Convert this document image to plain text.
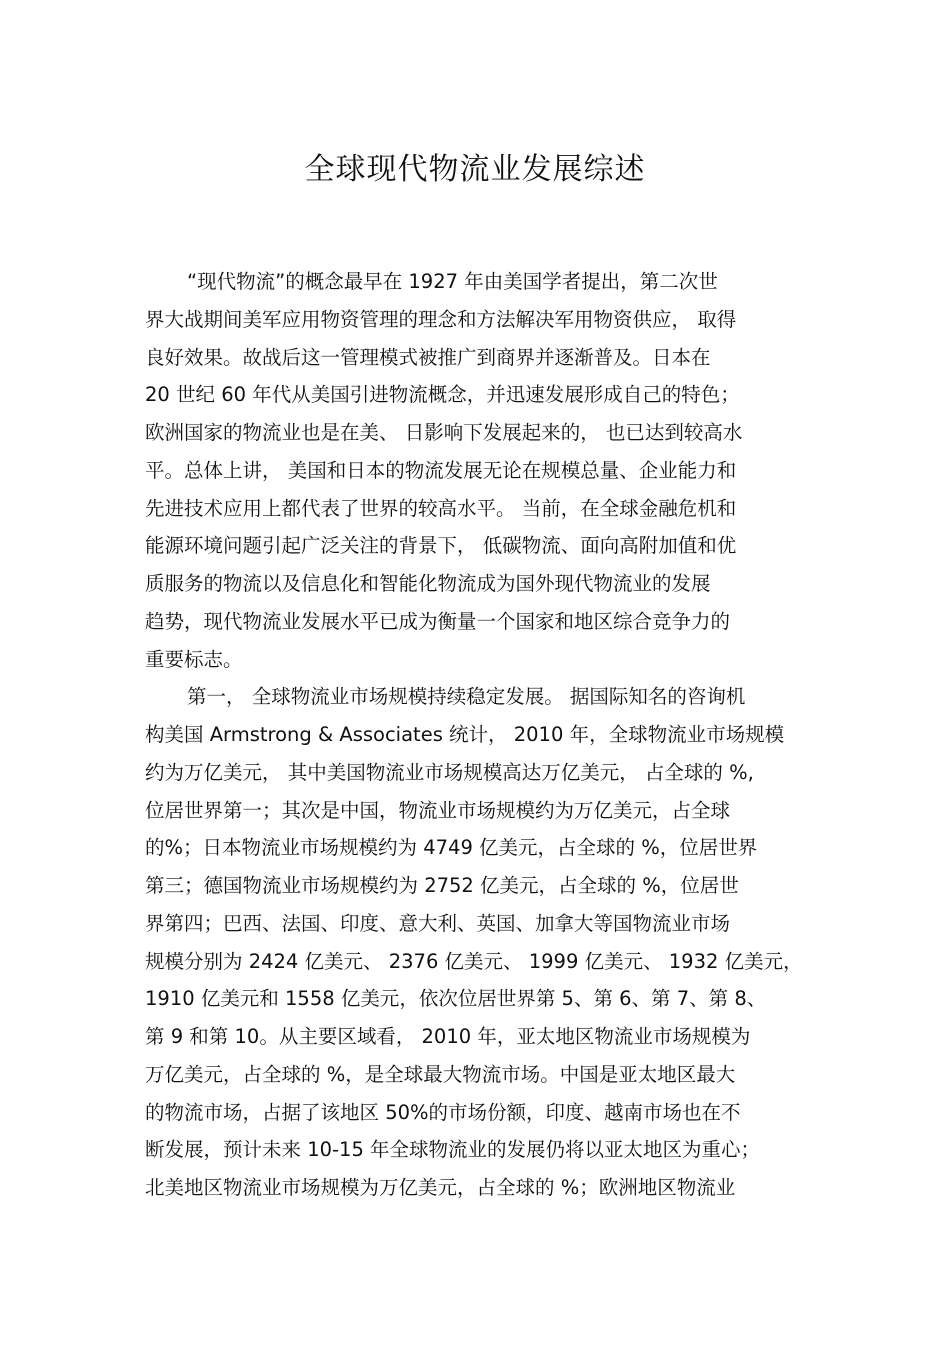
全球现代物流业发展综述
“现代物流”的概念最早在 1927 年由美国学者提出，第二次世
界大战期间美军应用物资管理的理念和方法解决军用物资供应， 取得
良好效果。故战后这一管理模式被推广到商界并逐渐普及。日本在
20 世纪 60 年代从美国引进物流概念，并迅速发展形成自己的特色；
欧洲国家的物流业也是在美、 日影响下发展起来的， 也已达到较高水
平。总体上讲， 美国和日本的物流发展无论在规模总量、企业能力和
先进技术应用上都代表了世界的较高水平。 当前，在全球金融危机和
能源环境问题引起广泛关注的背景下， 低碳物流、面向高附加值和优
质服务的物流以及信息化和智能化物流成为国外现代物流业的发展
趋势，现代物流业发展水平已成为衡量一个国家和地区综合竞争力的
重要标志。
第一， 全球物流业市场规模持续稳定发展。 据国际知名的咨询机
构美国 Armstrong & Associates 统计， 2010 年，全球物流业市场规模
约为万亿美元， 其中美国物流业市场规模高达万亿美元， 占全球的 %,
位居世界第一；其次是中国，物流业市场规模约为万亿美元，占全球
的%；日本物流业市场规模约为 4749 亿美元，占全球的 %，位居世界
第三；德国物流业市场规模约为 2752 亿美元，占全球的 %，位居世
界第四；巴西、法国、印度、意大利、英国、加拿大等国物流业市场
规模分别为 2424 亿美元、 2376 亿美元、 1999 亿美元、 1932 亿美元，
1910 亿美元和 1558 亿美元，依次位居世界第 5、第 6、第 7、第 8、
第 9 和第 10。从主要区域看， 2010 年，亚太地区物流业市场规模为
万亿美元，占全球的 %，是全球最大物流市场。中国是亚太地区最大
的物流市场，占据了该地区 50%的市场份额，印度、越南市场也在不
断发展，预计未来 10-15 年全球物流业的发展仍将以亚太地区为重心；
北美地区物流业市场规模为万亿美元，占全球的 %；欧洲地区物流业
